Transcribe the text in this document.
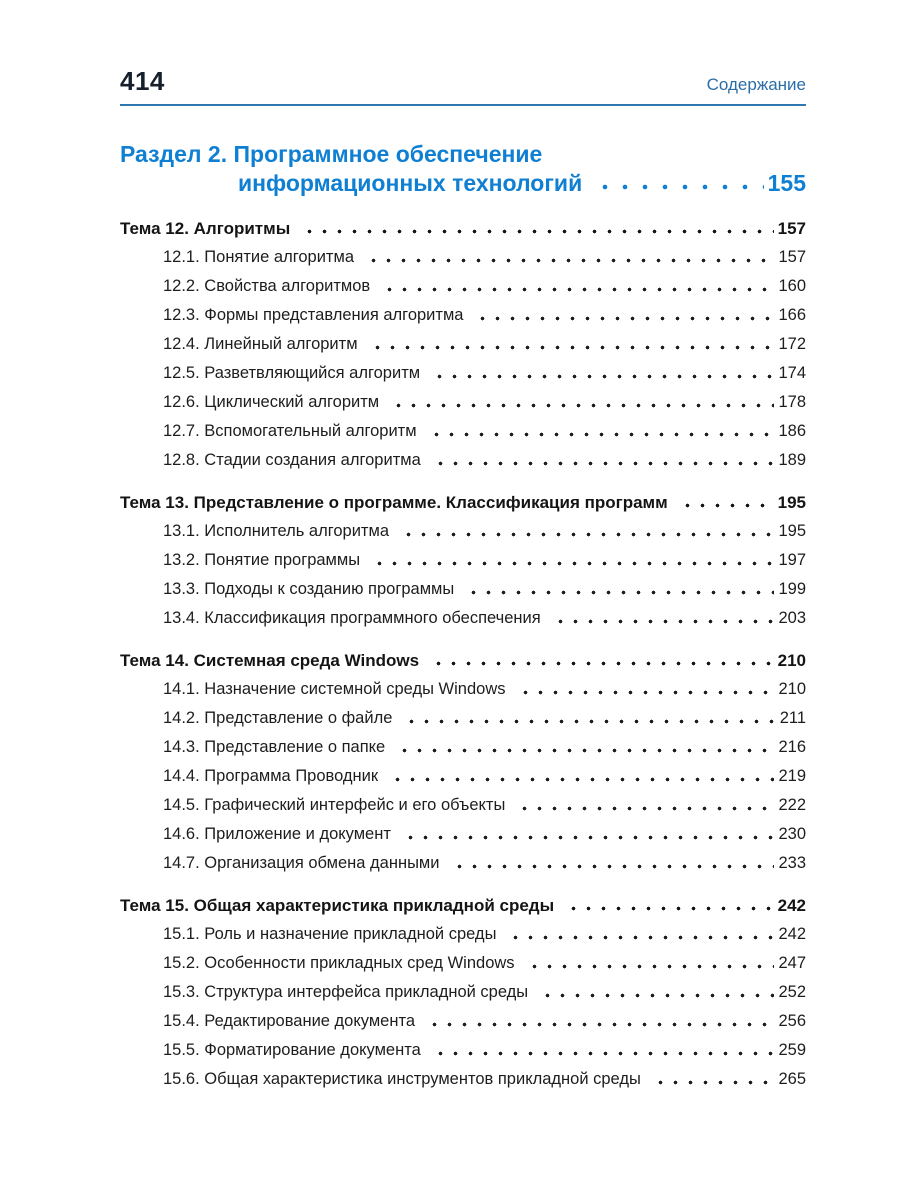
414	Содержание
Раздел 2. Программное обеспечение
информационных технологий	155
Тема 12. Алгоритмы	157
12.1. Понятие алгоритма	157
12.2. Свойства алгоритмов	160
12.3. Формы представления алгоритма	166
12.4. Линейный алгоритм	172
12.5. Разветвляющийся алгоритм	174
12.6. Циклический алгоритм	178
12.7. Вспомогательный алгоритм	186
12.8. Стадии создания алгоритма	189
Тема 13. Представление о программе. Классификация программ	195
13.1. Исполнитель алгоритма	195
13.2. Понятие программы	197
13.3. Подходы к созданию программы	199
13.4. Классификация программного обеспечения	203
Тема 14. Системная среда Windows	210
14.1. Назначение системной среды Windows	210
14.2. Представление о файле	211
14.3. Представление о папке	216
14.4. Программа Проводник	219
14.5. Графический интерфейс и его объекты	222
14.6. Приложение и документ	230
14.7. Организация обмена данными	233
Тема 15. Общая характеристика прикладной среды	242
15.1. Роль и назначение прикладной среды	242
15.2. Особенности прикладных сред Windows	247
15.3. Структура интерфейса прикладной среды	252
15.4. Редактирование документа	256
15.5. Форматирование документа	259
15.6. Общая характеристика инструментов прикладной среды	265
